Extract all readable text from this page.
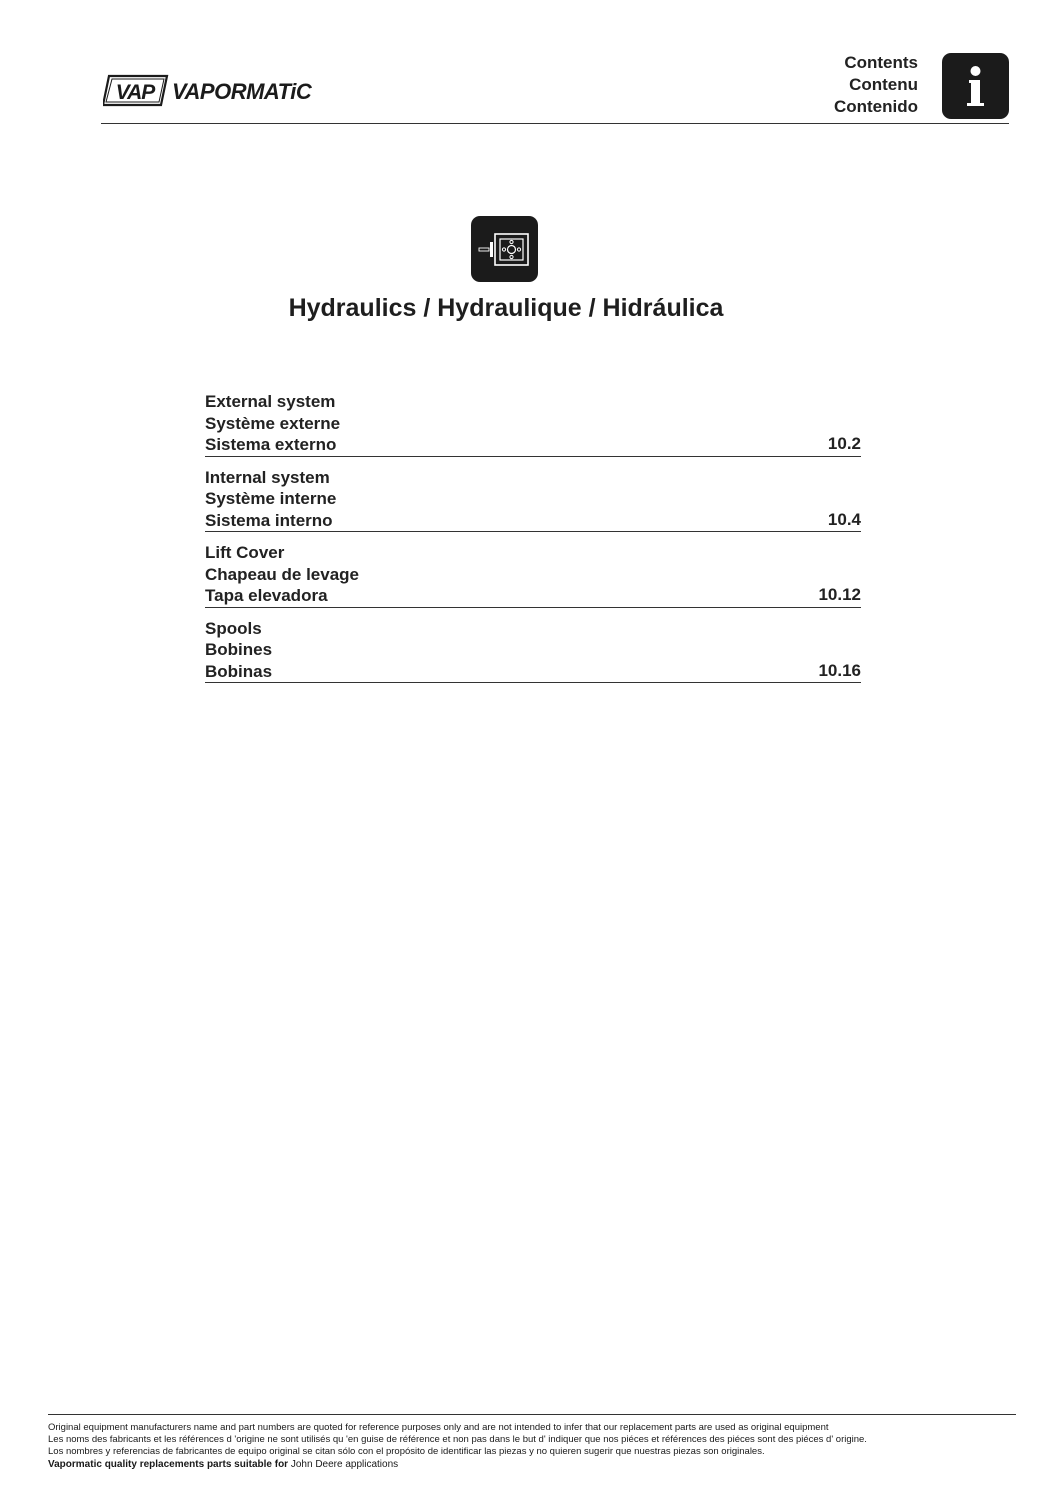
VAP VAPORMATiC
Contents
Contenu
Contenido
Hydraulics / Hydraulique / Hidráulica
External system
Système externe
Sistema externo	10.2
Internal system
Système interne
Sistema interno	10.4
Lift Cover
Chapeau de levage
Tapa elevadora	10.12
Spools
Bobines
Bobinas	10.16
Original equipment manufacturers name and part numbers are quoted for reference purposes only and are not intended to infer that our replacement parts are used as original equipment
Les noms des fabricants et les références d 'origine ne sont utilisés qu 'en guise de référence et non pas dans le but d' indiquer que nos piéces et références des piéces sont des piéces d' origine.
Los nombres y referencias de fabricantes de equipo original se citan sólo con el propósito de identificar las piezas y no quieren sugerir que nuestras piezas son originales.
Vapormatic quality replacements parts suitable for John Deere applications
